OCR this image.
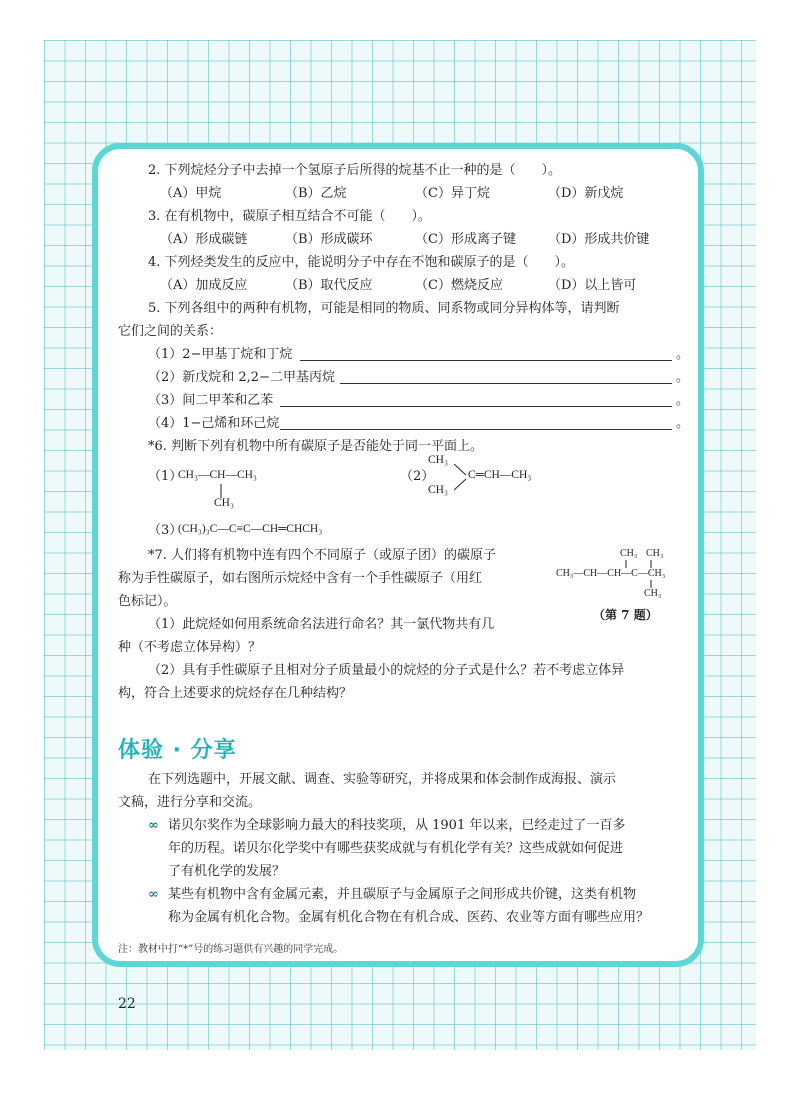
2. 下列烷烃分子中去掉一个氢原子后所得的烷基不止一种的是（　　）。
（A）甲烷	（B）乙烷	（C）异丁烷	（D）新戊烷
3. 在有机物中，碳原子相互结合不可能（　　）。
（A）形成碳链	（B）形成碳环	（C）形成离子键 （D）形成共价键
4. 下列烃类发生的反应中，能说明分子中存在不饱和碳原子的是（　　）。
（A）加成反应	（B）取代反应	（C）燃烧反应	（D）以上皆可
5. 下列各组中的两种有机物，可能是相同的物质、同系物或同分异构体等，请判断
它们之间的关系：
（1）2−甲基丁烷和丁烷	。
（2）新戊烷和 2,2−二甲基丙烷	。
（3）间二甲苯和乙苯	。
（4）1−己烯和环己烷	。
*6. 判断下列有机物中所有碳原子是否能处于同一平面上。
（1）
CH₃—CH—CH₃
CH₃
（2）
CH₃
CH₃
C═CH—CH₃
（3）
(CH₃)₃C—C≡C—CH═CHCH₃
*7. 人们将有机物中连有四个不同原子（或原子团）的碳原子
称为手性碳原子，如右图所示烷烃中含有一个手性碳原子（用红
色标记）。
（1）此烷烃如何用系统命名法进行命名？其一氯代物共有几
种（不考虑立体异构）？
（2）具有手性碳原子且相对分子质量最小的烷烃的分子式是什么？若不考虑立体异
构，符合上述要求的烷烃存在几种结构？
CH₃ CH₃
CH₃—CH—CH—C—CH₃
CH₃
（第 7 题）
体验 · 分享
在下列选题中，开展文献、调查、实验等研究，并将成果和体会制作成海报、演示
文稿，进行分享和交流。
∞ 诺贝尔奖作为全球影响力最大的科技奖项，从 1901 年以来，已经走过了一百多
年的历程。诺贝尔化学奖中有哪些获奖成就与有机化学有关？这些成就如何促进
了有机化学的发展？
∞ 某些有机物中含有金属元素，并且碳原子与金属原子之间形成共价键，这类有机物
称为金属有机化合物。金属有机化合物在有机合成、医药、农业等方面有哪些应用？
注：教材中打“*”号的练习题供有兴趣的同学完成。
22
